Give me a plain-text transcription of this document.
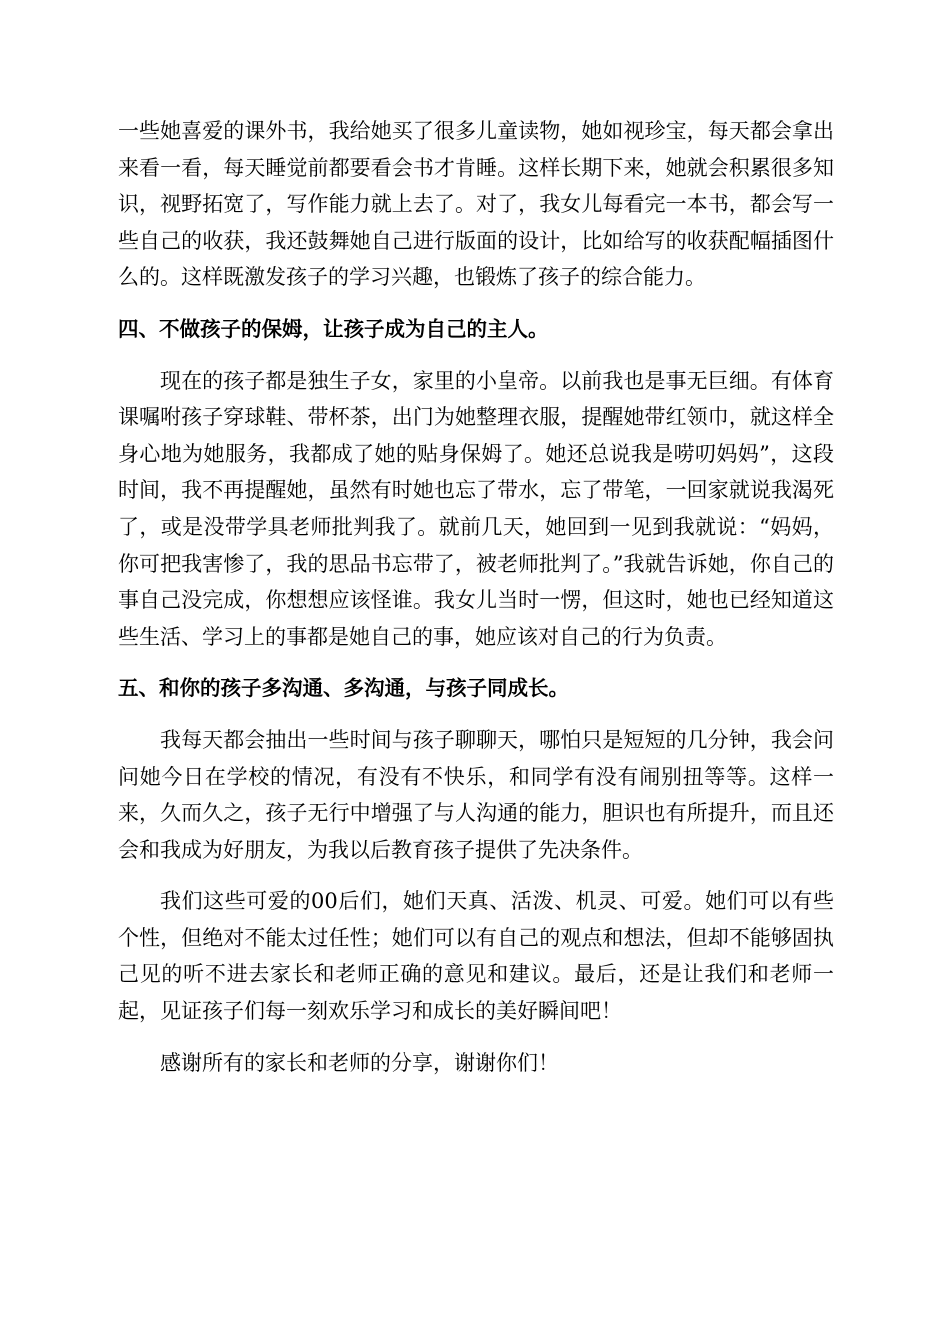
一些她喜爱的课外书，我给她买了很多儿童读物，她如视珍宝，每天都会拿出来看一看，每天睡觉前都要看会书才肯睡。这样长期下来，她就会积累很多知识，视野拓宽了，写作能力就上去了。对了，我女儿每看完一本书，都会写一些自己的收获，我还鼓舞她自己进行版面的设计，比如给写的收获配幅插图什么的。这样既激发孩子的学习兴趣，也锻炼了孩子的综合能力。

四、不做孩子的保姆，让孩子成为自己的主人。

现在的孩子都是独生子女，家里的小皇帝。以前我也是事无巨细。有体育课嘱咐孩子穿球鞋、带杯茶，出门为她整理衣服，提醒她带红领巾，就这样全身心地为她服务，我都成了她的贴身保姆了。她还总说我是唠叨妈妈”，这段时间，我不再提醒她，虽然有时她也忘了带水，忘了带笔，一回家就说我渴死了，或是没带学具老师批判我了。就前几天，她回到一见到我就说：“妈妈，你可把我害惨了，我的思品书忘带了，被老师批判了。”我就告诉她，你自己的事自己没完成，你想想应该怪谁。我女儿当时一愣，但这时，她也已经知道这些生活、学习上的事都是她自己的事，她应该对自己的行为负责。

五、和你的孩子多沟通、多沟通，与孩子同成长。

我每天都会抽出一些时间与孩子聊聊天，哪怕只是短短的几分钟，我会问问她今日在学校的情况，有没有不快乐，和同学有没有闹别扭等等。这样一来，久而久之，孩子无行中增强了与人沟通的能力，胆识也有所提升，而且还会和我成为好朋友，为我以后教育孩子提供了先决条件。

我们这些可爱的00后们，她们天真、活泼、机灵、可爱。她们可以有些个性，但绝对不能太过任性；她们可以有自己的观点和想法，但却不能够固执己见的听不进去家长和老师正确的意见和建议。最后，还是让我们和老师一起，见证孩子们每一刻欢乐学习和成长的美好瞬间吧！

感谢所有的家长和老师的分享，谢谢你们！
